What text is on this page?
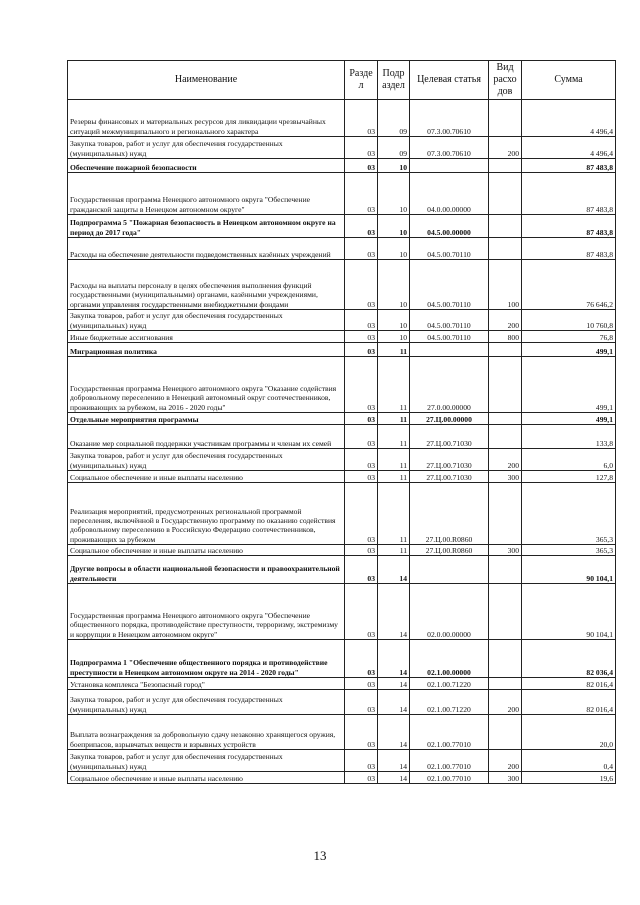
Наименование	Разде л	Подр аздел	Целевая статья	Вид расхо дов	Сумма
Резервы финансовых и материальных ресурсов для ликвидации чрезвычайных ситуаций межмуниципального и регионального характера	03	09	07.3.00.70610		4 496,4
Закупка товаров, работ и услуг для обеспечения государственных (муниципальных) нужд	03	09	07.3.00.70610	200	4 496,4
Обеспечение пожарной безопасности	03	10			87 483,8
Государственная программа Ненецкого автономного округа "Обеспечение гражданской защиты в Ненецком автономном округе"	03	10	04.0.00.00000		87 483,8
Подпрограмма 5 "Пожарная безопасность в Ненецком автономном округе на период до 2017 года"	03	10	04.5.00.00000		87 483,8
Расходы на обеспечение деятельности подведомственных казённых учреждений	03	10	04.5.00.70110		87 483,8
Расходы на выплаты персоналу в целях обеспечения выполнения функций государственными (муниципальными) органами, казёнными учреждениями, органами управления государственными внебюджетными фондами	03	10	04.5.00.70110	100	76 646,2
Закупка товаров, работ и услуг для обеспечения государственных (муниципальных) нужд	03	10	04.5.00.70110	200	10 760,8
Иные бюджетные ассигнования	03	10	04.5.00.70110	800	76,8
Миграционная политика	03	11			499,1
Государственная программа Ненецкого автономного округа "Оказание содействия добровольному переселению в Ненецкий автономный округ соотечественников, проживающих за рубежом, на 2016 - 2020 годы"	03	11	27.0.00.00000		499,1
Отдельные мероприятия программы	03	11	27.Ц.00.00000		499,1
Оказание мер социальной поддержки участникам программы и членам их семей	03	11	27.Ц.00.71030		133,8
Закупка товаров, работ и услуг для обеспечения государственных (муниципальных) нужд	03	11	27.Ц.00.71030	200	6,0
Социальное обеспечение и иные выплаты населению	03	11	27.Ц.00.71030	300	127,8
Реализация мероприятий, предусмотренных региональной программой переселения, включённой в Государственную программу по оказанию содействия добровольному переселению в Российскую Федерацию соотечественников, проживающих за рубежом	03	11	27.Ц.00.R0860		365,3
Социальное обеспечение и иные выплаты населению	03	11	27.Ц.00.R0860	300	365,3
Другие вопросы в области национальной безопасности и правоохранительной деятельности	03	14			90 104,1
Государственная программа Ненецкого автономного округа "Обеспечение общественного порядка, противодействие преступности, терроризму, экстремизму и коррупции в Ненецком автономном округе"	03	14	02.0.00.00000		90 104,1
Подпрограмма 1 "Обеспечение общественного порядка и противодействие преступности в Ненецком автономном округе на 2014 - 2020 годы"	03	14	02.1.00.00000		82 036,4
Установка комплекса "Безопасный город"	03	14	02.1.00.71220		82 016,4
Закупка товаров, работ и услуг для обеспечения государственных (муниципальных) нужд	03	14	02.1.00.71220	200	82 016,4
Выплата вознаграждения за добровольную сдачу незаконно хранящегося оружия, боеприпасов, взрывчатых веществ и взрывных устройств	03	14	02.1.00.77010		20,0
Закупка товаров, работ и услуг для обеспечения государственных (муниципальных) нужд	03	14	02.1.00.77010	200	0,4
Социальное обеспечение и иные выплаты населению	03	14	02.1.00.77010	300	19,6
13
